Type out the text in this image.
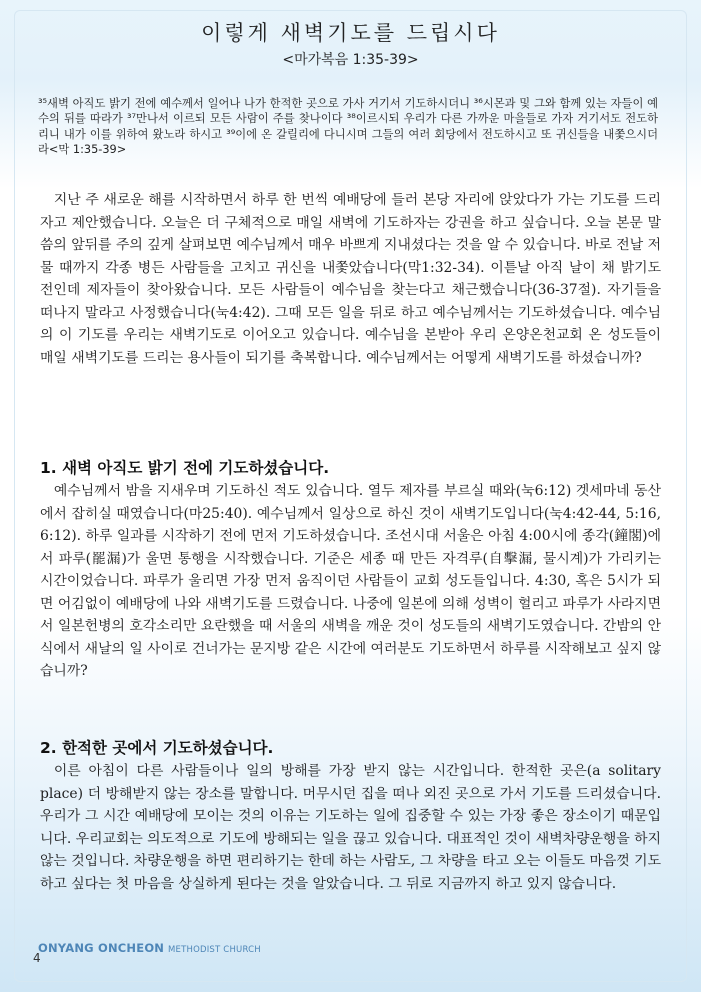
이렇게 새벽기도를 드립시다
<마가복음 1:35-39>
³⁵새벽 아직도 밝기 전에 예수께서 일어나 나가 한적한 곳으로 가사 거기서 기도하시더니 ³⁶시몬과 및 그와 함께 있는 자들이 예수의 뒤를 따라가 ³⁷만나서 이르되 모든 사람이 주를 찾나이다 ³⁸이르시되 우리가 다른 가까운 마을들로 가자 거기서도 전도하리니 내가 이를 위하여 왔노라 하시고 ³⁹이에 온 갈릴리에 다니시며 그들의 여러 회당에서 전도하시고 또 귀신들을 내쫓으시더라<막 1:35-39>

지난 주 새로운 해를 시작하면서 하루 한 번씩 예배당에 들러 본당 자리에 앉았다가 가는 기도를 드리자고 제안했습니다. 오늘은 더 구체적으로 매일 새벽에 기도하자는 강권을 하고 싶습니다. 오늘 본문 말씀의 앞뒤를 주의 깊게 살펴보면 예수님께서 매우 바쁘게 지내셨다는 것을 알 수 있습니다. 바로 전날 저물 때까지 각종 병든 사람들을 고치고 귀신을 내쫓았습니다(막1:32-34). 이튿날 아직 날이 채 밝기도 전인데 제자들이 찾아왔습니다. 모든 사람들이 예수님을 찾는다고 채근했습니다(36-37절). 자기들을 떠나지 말라고 사정했습니다(눅4:42). 그때 모든 일을 뒤로 하고 예수님께서는 기도하셨습니다. 예수님의 이 기도를 우리는 새벽기도로 이어오고 있습니다. 예수님을 본받아 우리 온양온천교회 온 성도들이 매일 새벽기도를 드리는 용사들이 되기를 축복합니다. 예수님께서는 어떻게 새벽기도를 하셨습니까?

1. 새벽 아직도 밝기 전에 기도하셨습니다.

예수님께서 밤을 지새우며 기도하신 적도 있습니다. 열두 제자를 부르실 때와(눅6:12) 겟세마네 동산에서 잡히실 때였습니다(마25:40). 예수님께서 일상으로 하신 것이 새벽기도입니다(눅4:42-44, 5:16, 6:12). 하루 일과를 시작하기 전에 먼저 기도하셨습니다. 조선시대 서울은 아침 4:00시에 종각(鐘閣)에서 파루(罷漏)가 울면 통행을 시작했습니다. 기준은 세종 때 만든 자격루(自擊漏, 물시계)가 가리키는 시간이었습니다. 파루가 울리면 가장 먼저 움직이던 사람들이 교회 성도들입니다. 4:30, 혹은 5시가 되면 어김없이 예배당에 나와 새벽기도를 드렸습니다. 나중에 일본에 의해 성벽이 헐리고 파루가 사라지면서 일본헌병의 호각소리만 요란했을 때 서울의 새벽을 깨운 것이 성도들의 새벽기도였습니다. 간밤의 안식에서 새날의 일 사이로 건너가는 문지방 같은 시간에 여러분도 기도하면서 하루를 시작해보고 싶지 않습니까?

2. 한적한 곳에서 기도하셨습니다.

이른 아침이 다른 사람들이나 일의 방해를 가장 받지 않는 시간입니다. 한적한 곳은(a solitary place) 더 방해받지 않는 장소를 말합니다. 머무시던 집을 떠나 외진 곳으로 가서 기도를 드리셨습니다. 우리가 그 시간 예배당에 모이는 것의 이유는 기도하는 일에 집중할 수 있는 가장 좋은 장소이기 때문입니다. 우리교회는 의도적으로 기도에 방해되는 일을 끊고 있습니다. 대표적인 것이 새벽차량운행을 하지 않는 것입니다. 차량운행을 하면 편리하기는 한데 하는 사람도, 그 차량을 타고 오는 이들도 마음껏 기도하고 싶다는 첫 마음을 상실하게 된다는 것을 알았습니다. 그 뒤로 지금까지 하고 있지 않습니다.

ONYANG ONCHEON METHODIST CHURCH
4
